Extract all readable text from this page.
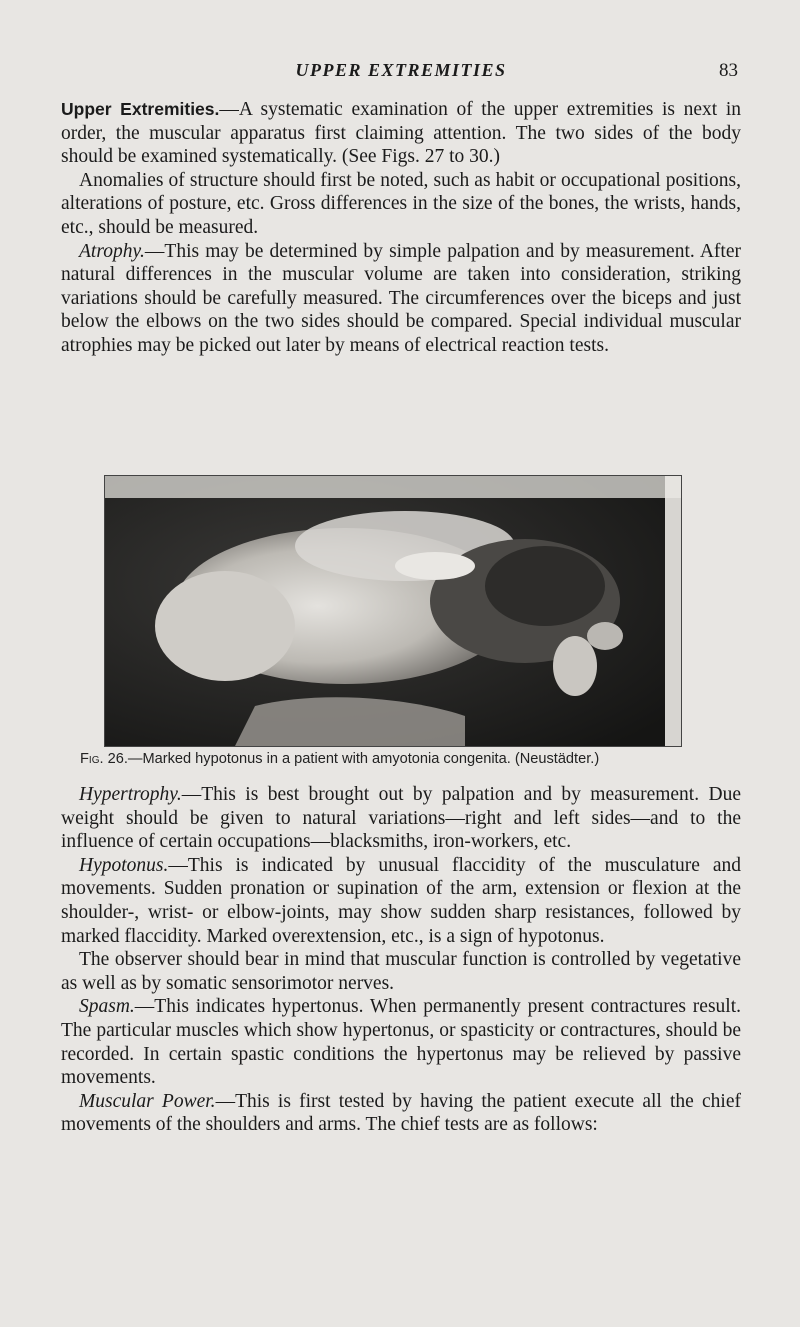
UPPER EXTREMITIES	83

Upper Extremities.—A systematic examination of the upper extremities is next in order, the muscular apparatus first claiming attention. The two sides of the body should be examined systematically. (See Figs. 27 to 30.)

Anomalies of structure should first be noted, such as habit or occupational positions, alterations of posture, etc. Gross differences in the size of the bones, the wrists, hands, etc., should be measured.

Atrophy.—This may be determined by simple palpation and by measurement. After natural differences in the muscular volume are taken into consideration, striking variations should be carefully measured. The circumferences over the biceps and just below the elbows on the two sides should be compared. Special individual muscular atrophies may be picked out later by means of electrical reaction tests.

Fig. 26.—Marked hypotonus in a patient with amyotonia congenita. (Neustädter.)

Hypertrophy.—This is best brought out by palpation and by measurement. Due weight should be given to natural variations—right and left sides—and to the influence of certain occupations—blacksmiths, iron-workers, etc.

Hypotonus.—This is indicated by unusual flaccidity of the musculature and movements. Sudden pronation or supination of the arm, extension or flexion at the shoulder-, wrist- or elbow-joints, may show sudden sharp resistances, followed by marked flaccidity. Marked overextension, etc., is a sign of hypotonus.

The observer should bear in mind that muscular function is controlled by vegetative as well as by somatic sensorimotor nerves.

Spasm.—This indicates hypertonus. When permanently present contractures result. The particular muscles which show hypertonus, or spasticity or contractures, should be recorded. In certain spastic conditions the hypertonus may be relieved by passive movements.

Muscular Power.—This is first tested by having the patient execute all the chief movements of the shoulders and arms. The chief tests are as follows:
